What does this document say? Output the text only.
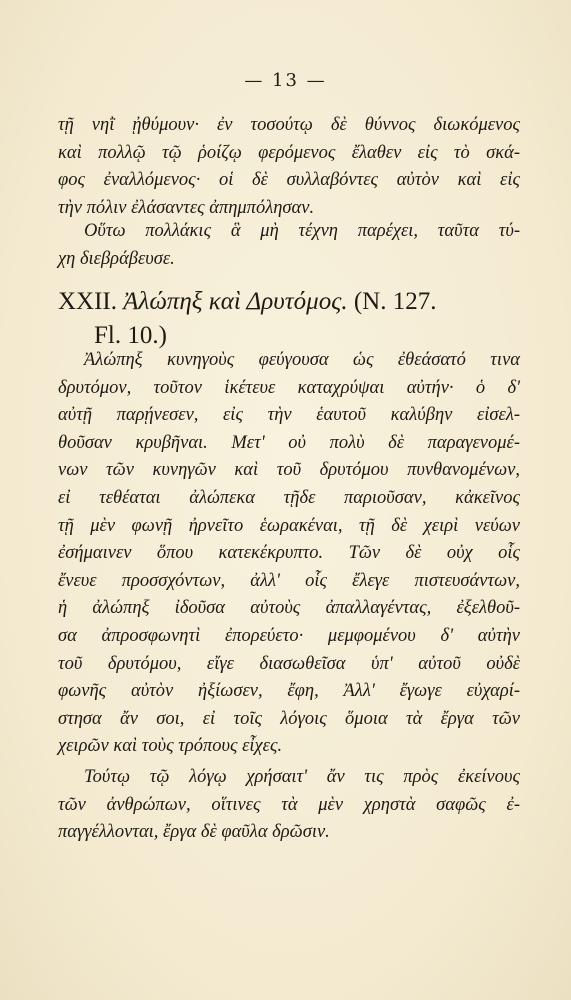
— 13 —
τῇ νηῒ ᾐθύμουν· ἐν τοσούτῳ δὲ θύννος διωκόμενος
καὶ πολλῷ τῷ ῥοίζῳ φερόμενος ἔλαθεν εἰς τὸ σκά-
φος ἐναλλόμενος· οἱ δὲ συλλαβόντες αὐτὸν καὶ εἰς
τὴν πόλιν ἐλάσαντες ἀπημπόλησαν.
Οὕτω πολλάκις ἃ μὴ τέχνη παρέχει, ταῦτα τύ-
χη διεβράβευσε.
XXII. Ἀλώπηξ καὶ Δρυτόμος. (N. 127.
Fl. 10.)
Ἀλώπηξ κυνηγοὺς φεύγουσα ὡς ἐθεάσατό τινα
δρυτόμον, τοῦτον ἱκέτευε καταχρύψαι αὐτήν· ὁ δ'
αὐτῇ παρῄνεσεν, εἰς τὴν ἑαυτοῦ καλύβην εἰσελ-
θοῦσαν κρυβῆναι. Μετ' οὐ πολὺ δὲ παραγενομέ-
νων τῶν κυνηγῶν καὶ τοῦ δρυτόμου πυνθανομένων,
εἰ τεθέαται ἀλώπεκα τῇδε παριοῦσαν, κἀκεῖνος
τῇ μὲν φωνῇ ἠρνεῖτο ἑωρακέναι, τῇ δὲ χειρὶ νεύων
ἐσήμαινεν ὅπου κατεκέκρυπτο. Τῶν δὲ οὐχ οἷς
ἔνευε προσσχόντων, ἀλλ' οἷς ἔλεγε πιστευσάντων,
ἡ ἀλώπηξ ἰδοῦσα αὐτοὺς ἀπαλλαγέντας, ἐξελθοῦ-
σα ἀπροσφωνητὶ ἐπορεύετο· μεμφομένου δ' αὐτὴν
τοῦ δρυτόμου, εἴγε διασωθεῖσα ὑπ' αὐτοῦ οὐδὲ
φωνῆς αὐτὸν ἠξίωσεν, ἔφη, Ἀλλ' ἔγωγε εὐχαρί-
στησα ἄν σοι, εἰ τοῖς λόγοις ὅμοια τὰ ἔργα τῶν
χειρῶν καὶ τοὺς τρόπους εἶχες.
Τούτῳ τῷ λόγῳ χρήσαιτ' ἄν τις πρὸς ἐκείνους
τῶν ἀνθρώπων, οἵτινες τὰ μὲν χρηστὰ σαφῶς ἐ-
παγγέλλονται, ἔργα δὲ φαῦλα δρῶσιν.
